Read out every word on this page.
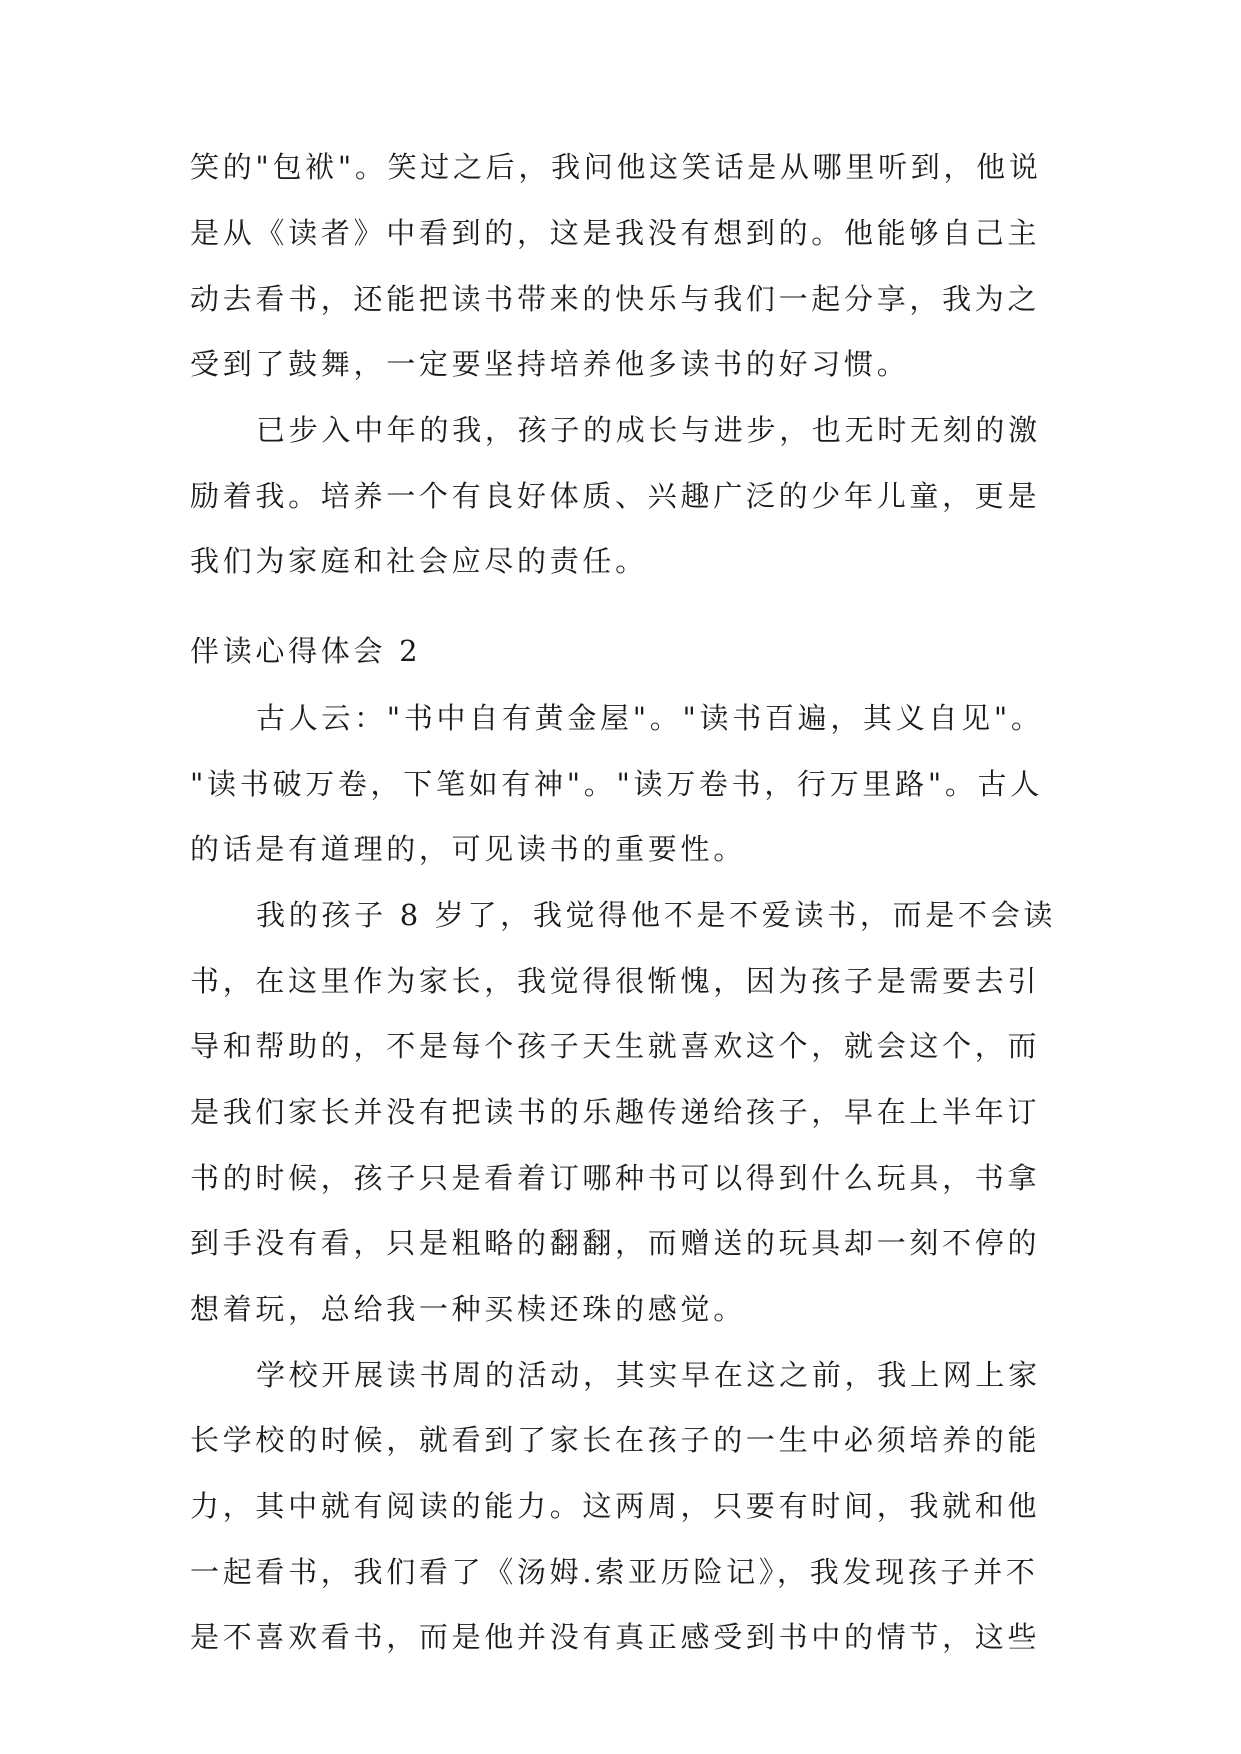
笑的"包袱"。笑过之后，我问他这笑话是从哪里听到，他说
是从《读者》中看到的，这是我没有想到的。他能够自己主
动去看书，还能把读书带来的快乐与我们一起分享，我为之
受到了鼓舞，一定要坚持培养他多读书的好习惯。
已步入中年的我，孩子的成长与进步，也无时无刻的激
励着我。培养一个有良好体质、兴趣广泛的少年儿童，更是
我们为家庭和社会应尽的责任。
伴读心得体会 2
古人云："书中自有黄金屋"。"读书百遍，其义自见"。
"读书破万卷，下笔如有神"。"读万卷书，行万里路"。古人
的话是有道理的，可见读书的重要性。
我的孩子 8 岁了，我觉得他不是不爱读书，而是不会读
书，在这里作为家长，我觉得很惭愧，因为孩子是需要去引
导和帮助的，不是每个孩子天生就喜欢这个，就会这个，而
是我们家长并没有把读书的乐趣传递给孩子，早在上半年订
书的时候，孩子只是看着订哪种书可以得到什么玩具，书拿
到手没有看，只是粗略的翻翻，而赠送的玩具却一刻不停的
想着玩，总给我一种买椟还珠的感觉。
学校开展读书周的活动，其实早在这之前，我上网上家
长学校的时候，就看到了家长在孩子的一生中必须培养的能
力，其中就有阅读的能力。这两周，只要有时间，我就和他
一起看书，我们看了《汤姆.索亚历险记》，我发现孩子并不
是不喜欢看书，而是他并没有真正感受到书中的情节，这些
